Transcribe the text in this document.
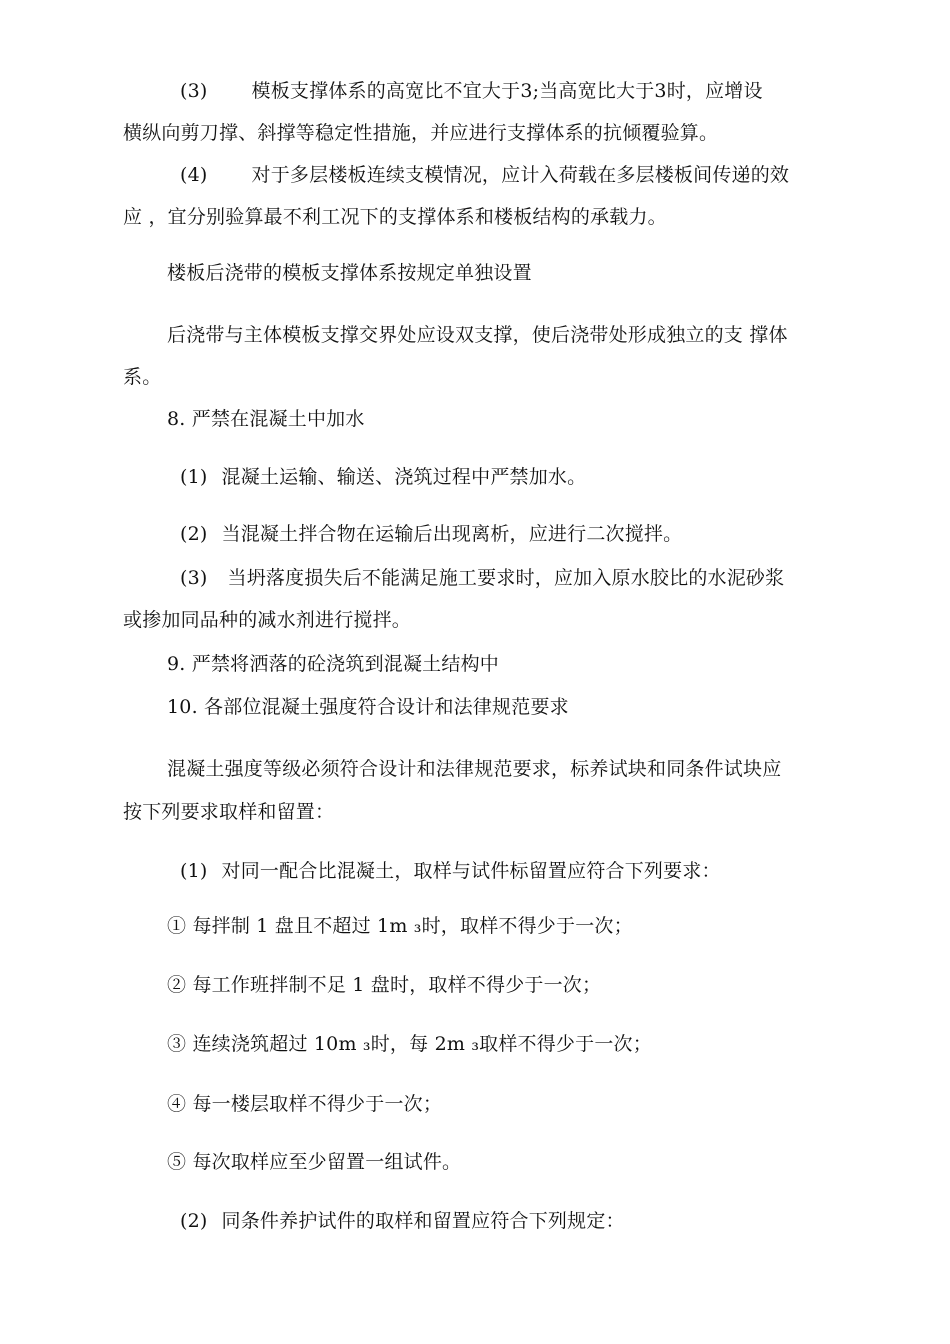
(3) 模板支撑体系的高宽比不宜大于3;当高宽比大于3时，应增设
横纵向剪刀撑、斜撑等稳定性措施，并应进行支撑体系的抗倾覆验算。
(4) 对于多层楼板连续支模情况，应计入荷载在多层楼板间传递的效
应 ，宜分别验算最不利工况下的支撑体系和楼板结构的承载力。
楼板后浇带的模板支撑体系按规定单独设置
后浇带与主体模板支撑交界处应设双支撑，使后浇带处形成独立的支 撑体
系。
8. 严禁在混凝土中加水
(1) 混凝土运输、输送、浇筑过程中严禁加水。
(2) 当混凝土拌合物在运输后出现离析，应进行二次搅拌。
(3) 当坍落度损失后不能满足施工要求时，应加入原水胶比的水泥砂浆
或掺加同品种的减水剂进行搅拌。
9. 严禁将洒落的砼浇筑到混凝土结构中
10. 各部位混凝土强度符合设计和法律规范要求
混凝土强度等级必须符合设计和法律规范要求，标养试块和同条件试块应
按下列要求取样和留置：
(1) 对同一配合比混凝土，取样与试件标留置应符合下列要求：
① 每拌制 1 盘且不超过 1m ₃时，取样不得少于一次；
② 每工作班拌制不足 1 盘时，取样不得少于一次；
③ 连续浇筑超过 10m ₃时，每 2m ₃取样不得少于一次；
④ 每一楼层取样不得少于一次；
⑤ 每次取样应至少留置一组试件。
(2) 同条件养护试件的取样和留置应符合下列规定：
